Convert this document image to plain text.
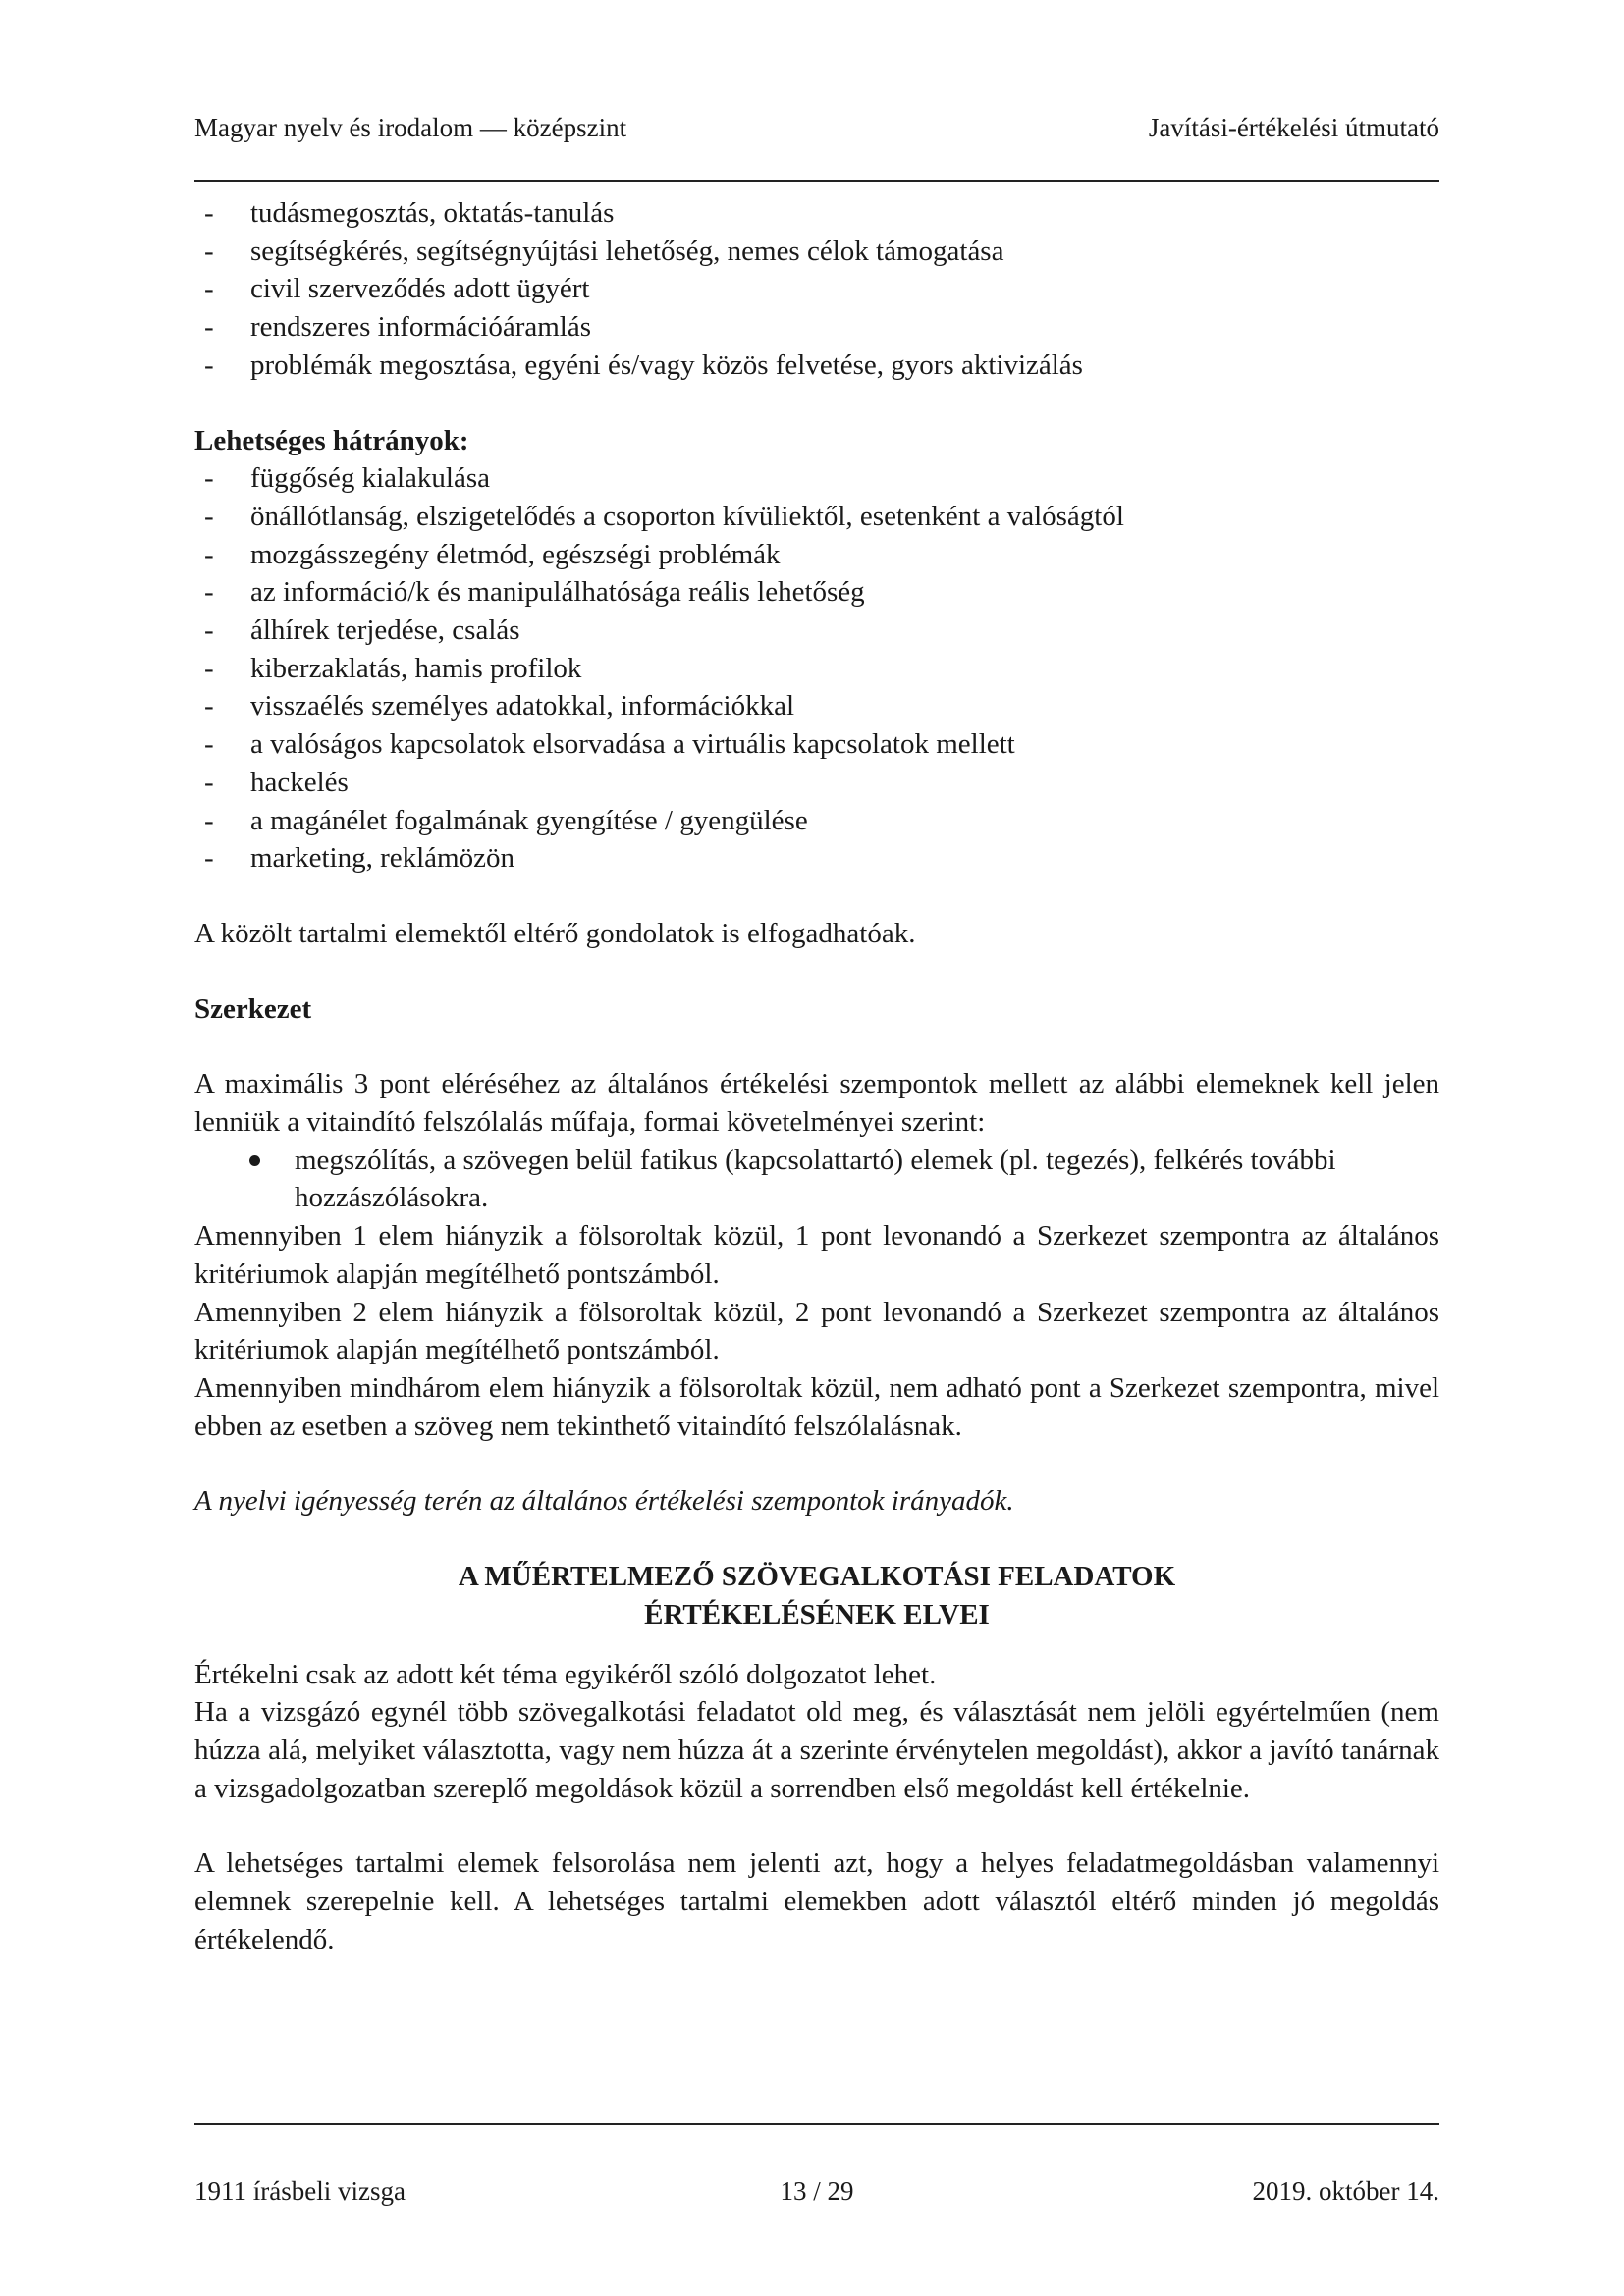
Magyar nyelv és irodalom — középszint	Javítási-értékelési útmutató
- tudásmegosztás, oktatás-tanulás
- segítségkérés, segítségnyújtási lehetőség, nemes célok támogatása
- civil szerveződés adott ügyért
- rendszeres információáramlás
- problémák megosztása, egyéni és/vagy közös felvetése, gyors aktivizálás
Lehetséges hátrányok:
- függőség kialakulása
- önállótlanság, elszigetelődés a csoporton kívüliektől, esetenként a valóságtól
- mozgásszegény életmód, egészségi problémák
- az információ/k és manipulálhatósága reális lehetőség
- álhírek terjedése, csalás
- kiberzaklatás, hamis profilok
- visszaélés személyes adatokkal, információkkal
- a valóságos kapcsolatok elsorvadása a virtuális kapcsolatok mellett
- hackelés
- a magánélet fogalmának gyengítése / gyengülése
- marketing, reklámözön
A közölt tartalmi elemektől eltérő gondolatok is elfogadhatóak.
Szerkezet
A maximális 3 pont eléréséhez az általános értékelési szempontok mellett az alábbi elemeknek kell jelen lenniük a vitaindító felszólalás műfaja, formai követelményei szerint:
megszólítás, a szövegen belül fatikus (kapcsolattartó) elemek (pl. tegezés), felkérés további hozzászólásokra.
Amennyiben 1 elem hiányzik a fölsoroltak közül, 1 pont levonandó a Szerkezet szempontra az általános kritériumok alapján megítélhető pontszámból.
Amennyiben 2 elem hiányzik a fölsoroltak közül, 2 pont levonandó a Szerkezet szempontra az általános kritériumok alapján megítélhető pontszámból.
Amennyiben mindhárom elem hiányzik a fölsoroltak közül, nem adható pont a Szerkezet szempontra, mivel ebben az esetben a szöveg nem tekinthető vitaindító felszólalásnak.
A nyelvi igényesség terén az általános értékelési szempontok irányadók.
A MŰÉRTELMEZŐ SZÖVEGALKOTÁSI FELADATOK
ÉRTÉKELÉSÉNEK ELVEI
Értékelni csak az adott két téma egyikéről szóló dolgozatot lehet.
Ha a vizsgázó egynél több szövegalkotási feladatot old meg, és választását nem jelöli egyértelműen (nem húzza alá, melyiket választotta, vagy nem húzza át a szerinte érvénytelen megoldást), akkor a javító tanárnak a vizsgadolgozatban szereplő megoldások közül a sorrendben első megoldást kell értékelnie.
A lehetséges tartalmi elemek felsorolása nem jelenti azt, hogy a helyes feladatmegoldásban valamennyi elemnek szerepelnie kell. A lehetséges tartalmi elemekben adott választól eltérő minden jó megoldás értékelendő.
1911 írásbeli vizsga	13 / 29	2019. október 14.
